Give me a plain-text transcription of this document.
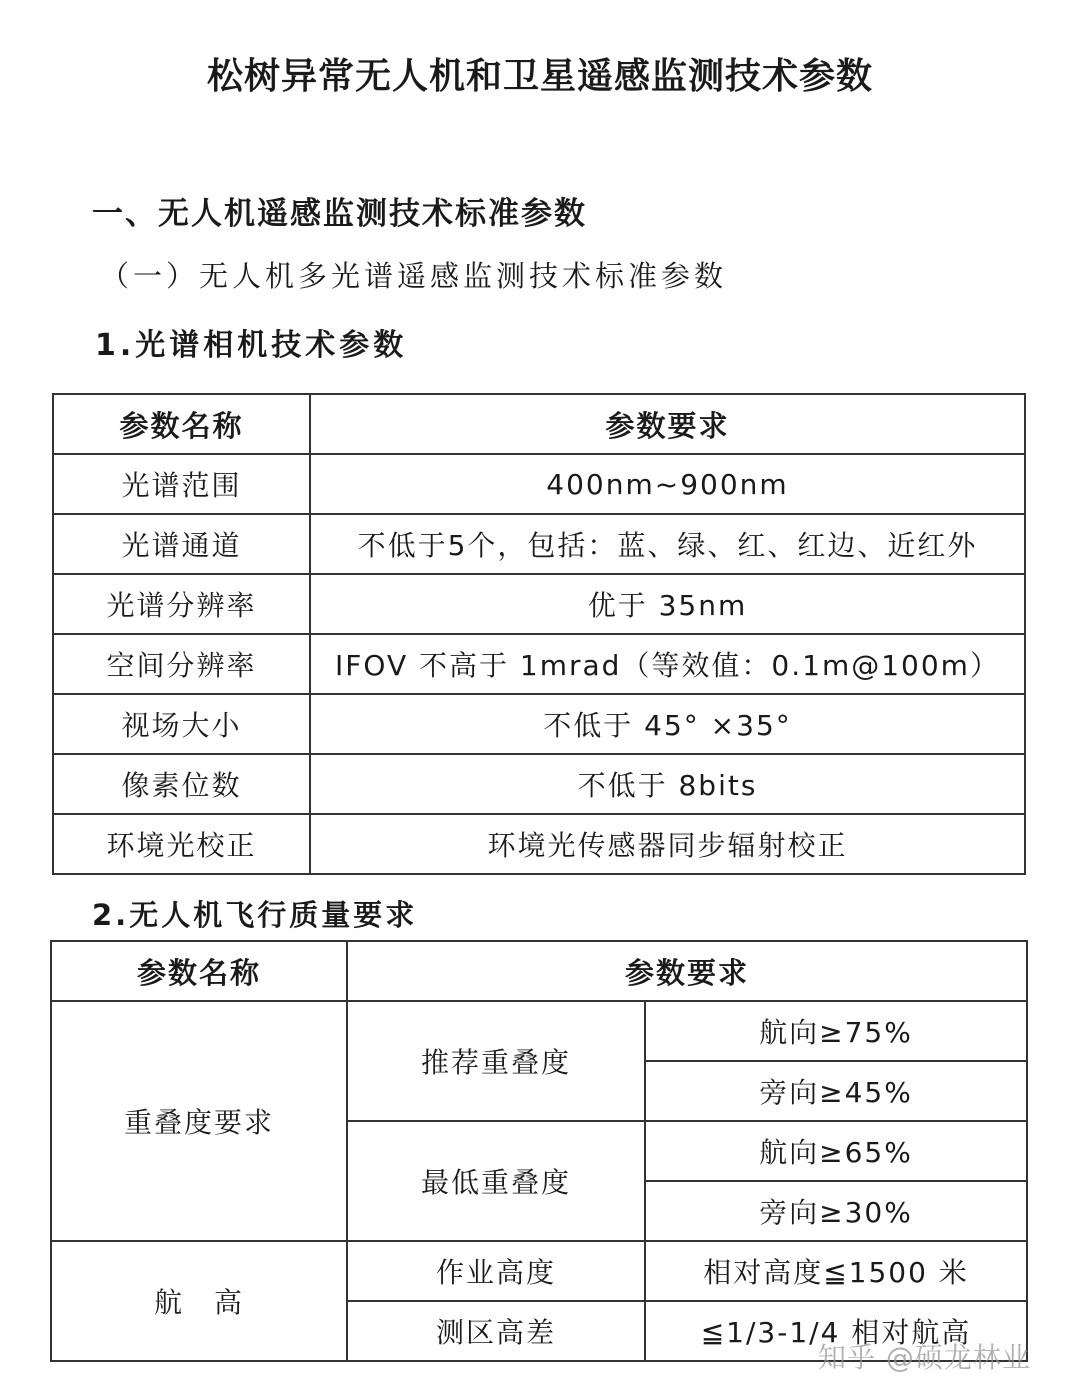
松树异常无人机和卫星遥感监测技术参数
一、无人机遥感监测技术标准参数
（一）无人机多光谱遥感监测技术标准参数
1.光谱相机技术参数
参数名称	参数要求
光谱范围	400nm~900nm
光谱通道	不低于5个，包括：蓝、绿、红、红边、近红外
光谱分辨率	优于 35nm
空间分辨率	IFOV 不高于 1mrad（等效值：0.1m@100m）
视场大小	不低于 45° ×35°
像素位数	不低于 8bits
环境光校正	环境光传感器同步辐射校正
2.无人机飞行质量要求
参数名称	参数要求	
重叠度要求	推荐重叠度	航向≥75%
		旁向≥45%
	最低重叠度	航向≥65%
		旁向≥30%
航　高	作业高度	相对高度≦1500 米
	测区高差	≦1/3-1/4 相对航高
知乎 @硕龙林业
